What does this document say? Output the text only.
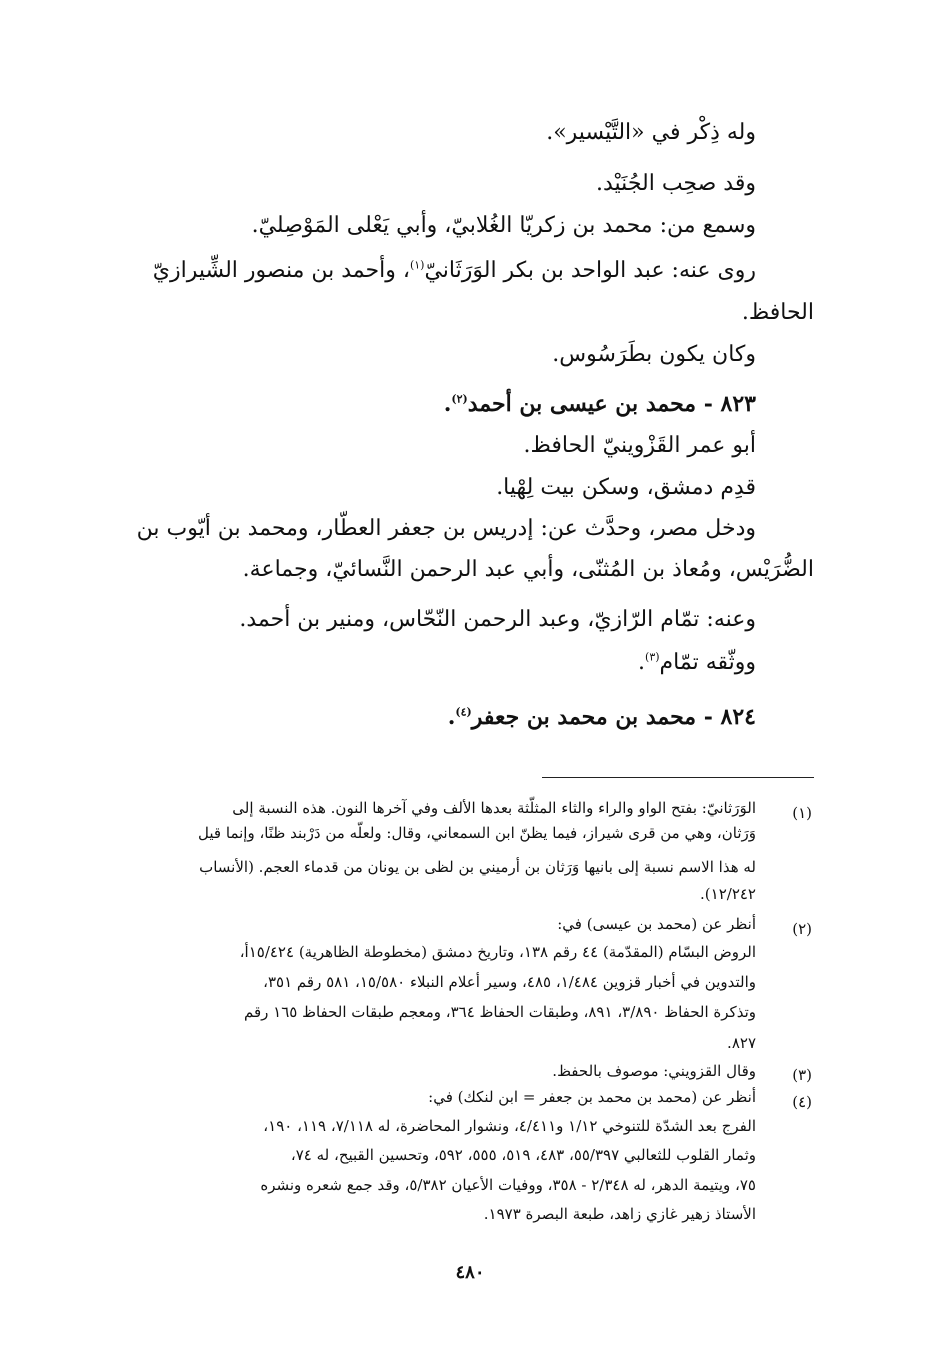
وله ذِكْر في «التَّيْسير».
وقد صحِب الجُنَيْد.
وسمع من: محمد بن زكريّا الغُلابيّ، وأبي يَعْلى المَوْصِليّ.
روى عنه: عبد الواحد بن بكر الوَرَثَانيّ$^{(١)}$، وأحمد بن منصور الشِّيرازيّ
الحافظ.
وكان يكون بطَرَسُوس.
٨٢٣ - محمد بن عيسى بن أحمد$^{(٢)}$.
أبو عمر القَزْوينيّ الحافظ.
قدِم دمشق، وسكن بيت لِهْيا.
ودخل مصر، وحدَّث عن: إدريس بن جعفر العطّار، ومحمد بن أيّوب بن
الضُّرَيْس، ومُعاذ بن المُثنّى، وأبي عبد الرحمن النَّسائيّ، وجماعة.
وعنه: تمّام الرّازيّ، وعبد الرحمن النّحّاس، ومنير بن أحمد.
ووثّقه تمّام$^{(٣)}$.
٨٢٤ - محمد بن محمد بن جعفر$^{(٤)}$.
(١)
الوَرَثانيّ: بفتح الواو والراء والثاء المثلّثة بعدها الألف وفي آخرها النون. هذه النسبة إلى
وَرَثان، وهي من قرى شيراز، فيما يظنّ ابن السمعاني، وقال: ولعلّه من دَرْبند ظنًا، وإنما قيل
له هذا الاسم نسبة إلى بانيها وَرَثان بن أرميني بن لظى بن يونان من قدماء العجم. (الأنساب
١٢/٢٤٢).
(٢)
أنظر عن (محمد بن عيسى) في:
الروض البسّام (المقدّمة) ٤٤ رقم ١٣٨، وتاريخ دمشق (مخطوطة الظاهرية) ١٥/٤٢٤أ،
والتدوين في أخبار قزوين ١/٤٨٤، ٤٨٥، وسير أعلام النبلاء ١٥/٥٨٠، ٥٨١ رقم ٣٥١،
وتذكرة الحفاظ ٣/٨٩٠، ٨٩١، وطبقات الحفاظ ٣٦٤، ومعجم طبقات الحفاظ ١٦٥ رقم
٨٢٧.
(٣)
وقال القزويني: موصوف بالحفظ.
(٤)
أنظر عن (محمد بن محمد بن جعفر = ابن لنكك) في:
الفرج بعد الشدّة للتنوخي ١/١٢ و٤/٤١١، ونشوار المحاضرة، له ٧/١١٨، ١١٩، ١٩٠،
وثمار القلوب للثعالبي ٥٥/٣٩٧، ٤٨٣، ٥١٩، ٥٥٥، ٥٩٢، وتحسين القبيح، له ٧٤،
٧٥، ويتيمة الدهر، له ٢/٣٤٨ - ٣٥٨، ووفيات الأعيان ٥/٣٨٢، وقد جمع شعره ونشره
الأستاذ زهير غازي زاهد، طبعة البصرة ١٩٧٣.
٤٨٠
